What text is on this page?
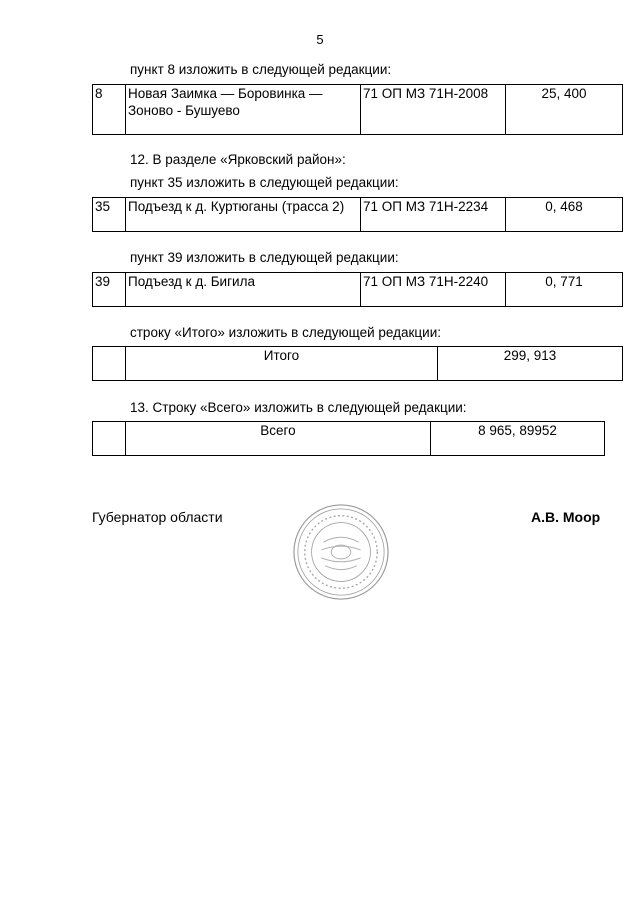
5
пункт 8 изложить в следующей редакции:
8	Новая Заимка — Боровинка — Зоново - Бушуево	71 ОП МЗ 71Н-2008	25, 400
12. В разделе «Ярковский район»:
пункт 35 изложить в следующей редакции:
35	Подъезд к д. Куртюганы (трасса 2)	71 ОП МЗ 71Н-2234	0, 468
пункт 39 изложить в следующей редакции:
39	Подъезд к д. Бигила	71 ОП МЗ 71Н-2240	0, 771
строку «Итого» изложить в следующей редакции:
	Итого	299, 913
13. Строку «Всего» изложить в следующей редакции:
	Всего	8 965, 89952
Губернатор области	А.В. Моор
